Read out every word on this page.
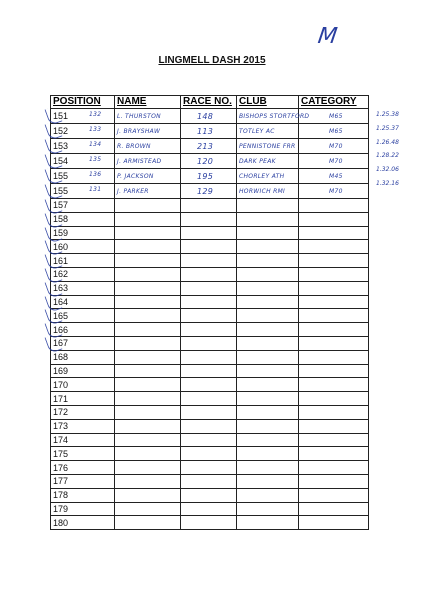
M
LINGMELL DASH 2015
POSITION	NAME	RACE NO.	CLUB	CATEGORY

151 132	L. THURSTON	148	BISHOPS STORTFORD	M65

152 133	J. BRAYSHAW	113	TOTLEY AC	M65

153 134	R. BROWN	213	PENNISTONE FRR	M70

154 135	J. ARMISTEAD	120	DARK PEAK	M70

155 136	P. JACKSON	195	CHORLEY ATH	M45

155 131	J. PARKER	129	HORWICH RMI	M70

157				

158				

159				

160				

161				

162				

163				

164				

165				

166				

167				
168				
169				
170				
171				
172				
173				
174				
175				
176				
177				
178				
179				
180				
1.25.38
1.25.37
1.26.48
1.28.22
1.32.06
1.32.16
